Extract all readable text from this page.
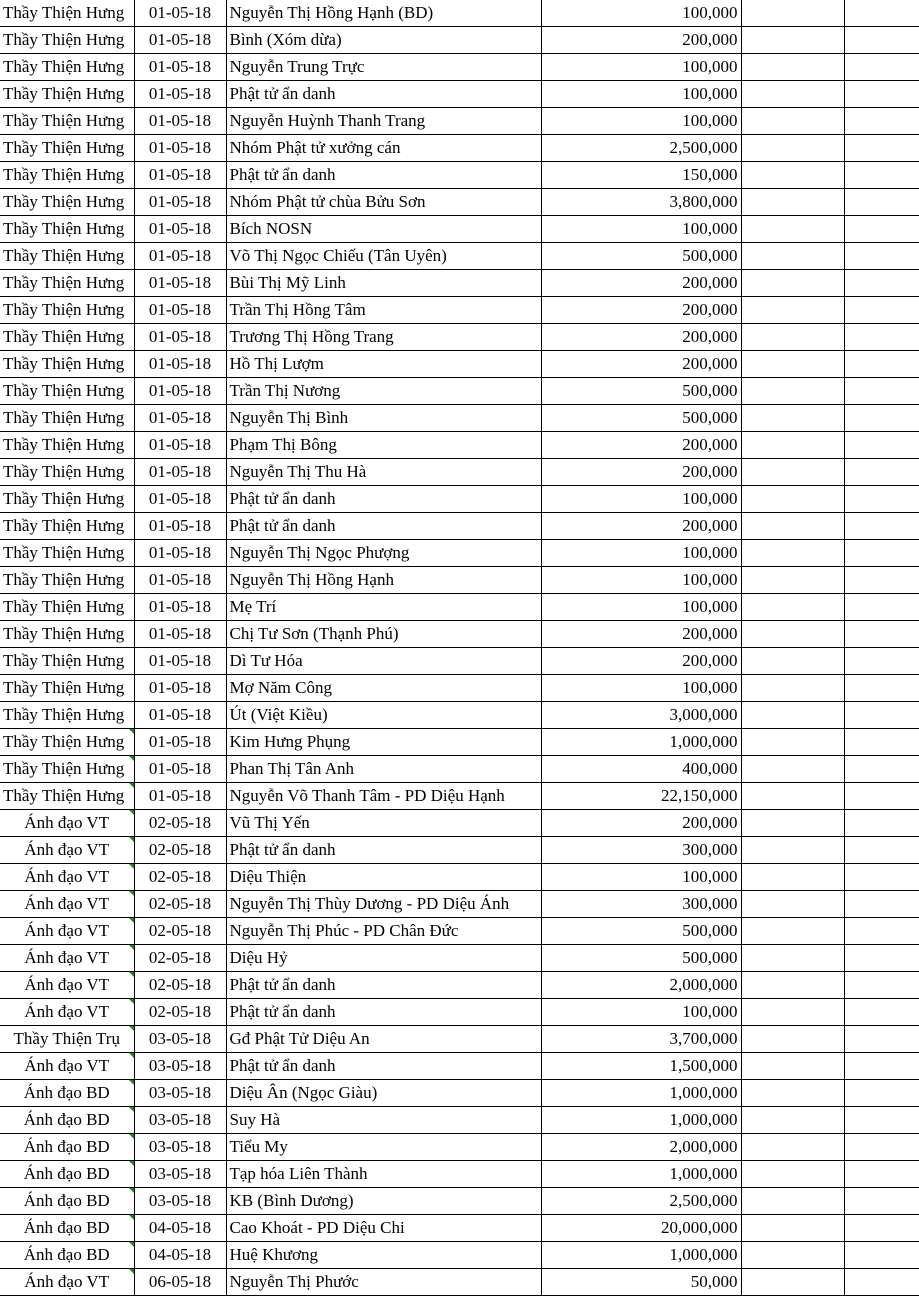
Thầy Thiện Hưng	01-05-18	Nguyễn Thị Hồng Hạnh (BD)	100,000		
Thầy Thiện Hưng	01-05-18	Bình (Xóm dừa)	200,000		
Thầy Thiện Hưng	01-05-18	Nguyễn Trung Trực	100,000		
Thầy Thiện Hưng	01-05-18	Phật tử ẩn danh	100,000		
Thầy Thiện Hưng	01-05-18	Nguyễn Huỳnh Thanh Trang	100,000		
Thầy Thiện Hưng	01-05-18	Nhóm Phật tử xưởng cán	2,500,000		
Thầy Thiện Hưng	01-05-18	Phật tử ẩn danh	150,000		
Thầy Thiện Hưng	01-05-18	Nhóm Phật tử chùa Bửu Sơn	3,800,000		
Thầy Thiện Hưng	01-05-18	Bích NOSN	100,000		
Thầy Thiện Hưng	01-05-18	Võ Thị Ngọc Chiếu (Tân Uyên)	500,000		
Thầy Thiện Hưng	01-05-18	Bùi Thị Mỹ Linh	200,000		
Thầy Thiện Hưng	01-05-18	Trần Thị Hồng Tâm	200,000		
Thầy Thiện Hưng	01-05-18	Trương Thị Hồng Trang	200,000		
Thầy Thiện Hưng	01-05-18	Hồ Thị Lượm	200,000		
Thầy Thiện Hưng	01-05-18	Trần Thị Nương	500,000		
Thầy Thiện Hưng	01-05-18	Nguyễn Thị Bình	500,000		
Thầy Thiện Hưng	01-05-18	Phạm Thị Bông	200,000		
Thầy Thiện Hưng	01-05-18	Nguyễn Thị Thu Hà	200,000		
Thầy Thiện Hưng	01-05-18	Phật tử ẩn danh	100,000		
Thầy Thiện Hưng	01-05-18	Phật tử ẩn danh	200,000		
Thầy Thiện Hưng	01-05-18	Nguyễn Thị Ngọc Phượng	100,000		
Thầy Thiện Hưng	01-05-18	Nguyễn Thị Hồng Hạnh	100,000		
Thầy Thiện Hưng	01-05-18	Mẹ Trí	100,000		
Thầy Thiện Hưng	01-05-18	Chị Tư Sơn (Thạnh Phú)	200,000		
Thầy Thiện Hưng	01-05-18	Dì Tư Hóa	200,000		
Thầy Thiện Hưng	01-05-18	Mợ Năm Công	100,000		
Thầy Thiện Hưng	01-05-18	Út (Việt Kiều)	3,000,000		
Thầy Thiện Hưng	01-05-18	Kim Hưng Phụng	1,000,000		
Thầy Thiện Hưng	01-05-18	Phan Thị Tân Anh	400,000		
Thầy Thiện Hưng	01-05-18	Nguyễn Võ Thanh Tâm - PD Diệu Hạnh	22,150,000		
Ánh đạo VT	02-05-18	Vũ Thị Yến	200,000		
Ánh đạo VT	02-05-18	Phật tử ẩn danh	300,000		
Ánh đạo VT	02-05-18	Diệu Thiện	100,000		
Ánh đạo VT	02-05-18	Nguyễn Thị Thùy Dương - PD Diệu Ánh	300,000		
Ánh đạo VT	02-05-18	Nguyễn Thị Phúc - PD Chân Đức	500,000		
Ánh đạo VT	02-05-18	Diệu Hỷ	500,000		
Ánh đạo VT	02-05-18	Phật tử ẩn danh	2,000,000		
Ánh đạo VT	02-05-18	Phật tử ẩn danh	100,000		
Thầy Thiện Trụ	03-05-18	Gđ Phật Tử Diệu An	3,700,000		
Ánh đạo VT	03-05-18	Phật tử ẩn danh	1,500,000		
Ánh đạo BD	03-05-18	Diệu Ân (Ngọc Giàu)	1,000,000		
Ánh đạo BD	03-05-18	Suy Hà	1,000,000		
Ánh đạo BD	03-05-18	Tiểu My	2,000,000		
Ánh đạo BD	03-05-18	Tạp hóa Liên Thành	1,000,000		
Ánh đạo BD	03-05-18	KB (Bình Dương)	2,500,000		
Ánh đạo BD	04-05-18	Cao Khoát - PD Diệu Chi	20,000,000		
Ánh đạo BD	04-05-18	Huệ Khương	1,000,000		
Ánh đạo VT	06-05-18	Nguyễn Thị Phước	50,000		
